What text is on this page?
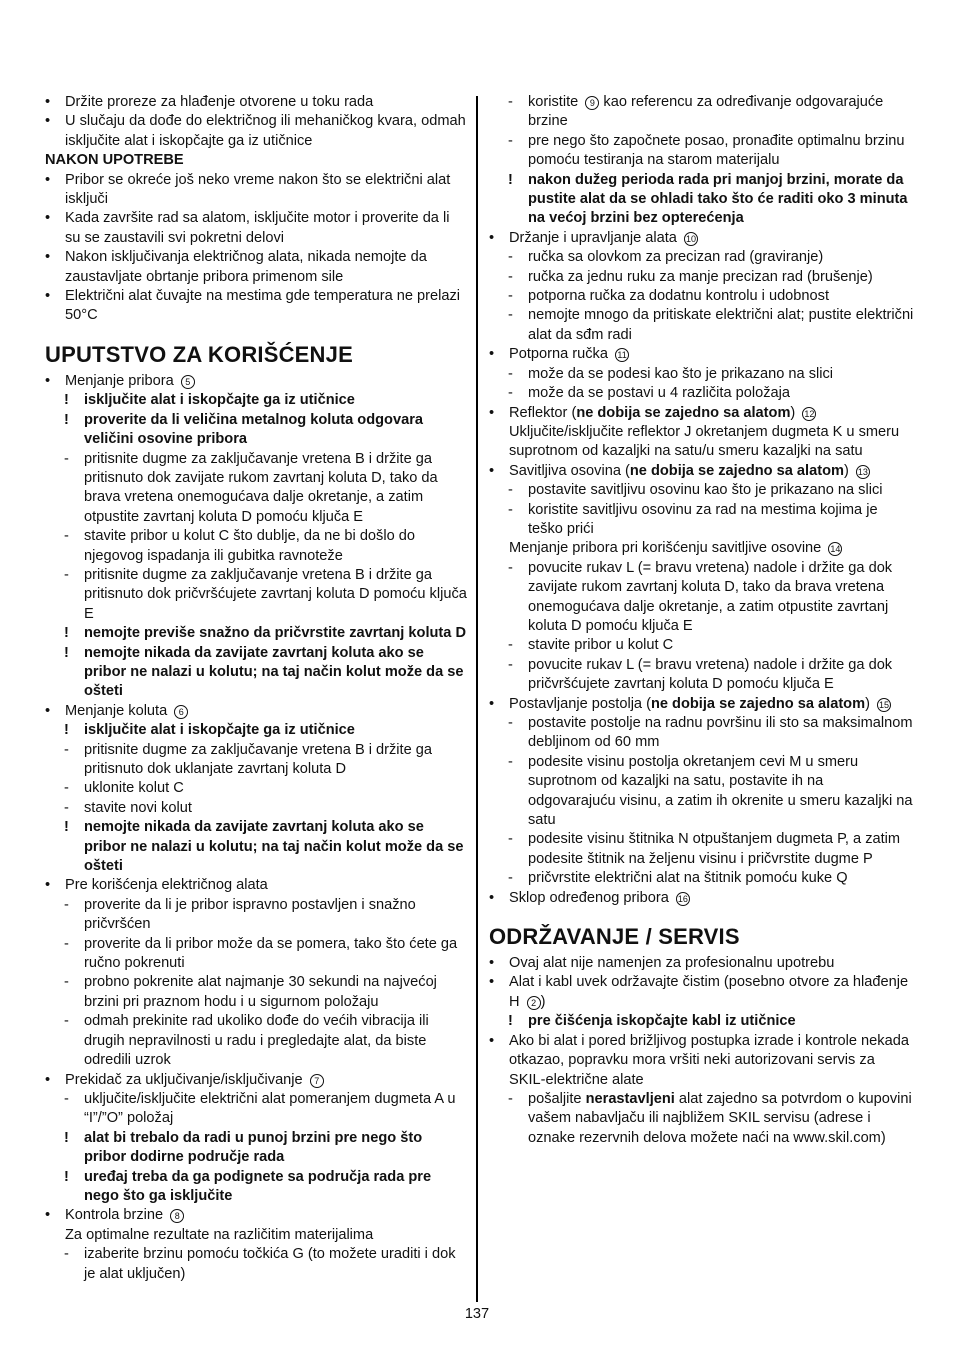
•	Držite proreze za hlađenje otvorene u toku rada
•	U slučaju da dođe do električnog ili mehaničkog kvara, odmah isključite alat i iskopčajte ga iz utičnice
NAKON UPOTREBE
•	Pribor se okreće još neko vreme nakon što se električni alat isključi
•	Kada završite rad sa alatom, isključite motor i proverite da li su se zaustavili svi pokretni delovi
•	Nakon isključivanja električnog alata, nikada nemojte da zaustavljate obrtanje pribora primenom sile
•	Električni alat čuvajte na mestima gde temperatura ne prelazi 50°C
UPUTSTVO ZA KORIŠĆENJE
•	Menjanje pribora 5
!	isključite alat i iskopčajte ga iz utičnice
!	proverite da li veličina metalnog koluta odgovara veličini osovine pribora
-	pritisnite dugme za zaključavanje vretena B i držite ga pritisnuto dok zavijate rukom zavrtanj koluta D, tako da brava vretena onemogućava dalje okretanje, a zatim otpustite zavrtanj koluta D pomoću ključa E
-	stavite pribor u kolut C što dublje, da ne bi došlo do njegovog ispadanja ili gubitka ravnoteže
-	pritisnite dugme za zaključavanje vretena B i držite ga pritisnuto dok pričvršćujete zavrtanj koluta D pomoću ključa E
!	nemojte previše snažno da pričvrstite zavrtanj koluta D
!	nemojte nikada da zavijate zavrtanj koluta ako se pribor ne nalazi u kolutu; na taj način kolut može da se ošteti
•	Menjanje koluta 6
!	isključite alat i iskopčajte ga iz utičnice
-	pritisnite dugme za zaključavanje vretena B i držite ga pritisnuto dok uklanjate zavrtanj koluta D
-	uklonite kolut C
-	stavite novi kolut
!	nemojte nikada da zavijate zavrtanj koluta ako se pribor ne nalazi u kolutu; na taj način kolut može da se ošteti
•	Pre korišćenja električnog alata
-	proverite da li je pribor ispravno postavljen i snažno pričvršćen
-	proverite da li pribor može da se pomera, tako što ćete ga ručno pokrenuti
-	probno pokrenite alat najmanje 30 sekundi na najvećoj brzini pri praznom hodu i u sigurnom položaju
-	odmah prekinite rad ukoliko dođe do većih vibracija ili drugih nepravilnosti u radu i pregledajte alat, da biste odredili uzrok
•	Prekidač za uključivanje/isključivanje 7
-	uključite/isključite električni alat pomeranjem dugmeta A u “I”/”O” položaj
!	alat bi trebalo da radi u punoj brzini pre nego što pribor dodirne područje rada
!	uređaj treba da ga podignete sa područja rada pre nego što ga isključite
•	Kontrola brzine 8
Za optimalne rezultate na različitim materijalima
-	izaberite brzinu pomoću točkića G (to možete uraditi i dok je alat uključen)
-	koristite 9 kao referencu za određivanje odgovarajuće brzine
-	pre nego što započnete posao, pronađite optimalnu brzinu pomoću testiranja na starom materijalu
!	nakon dužeg perioda rada pri manjoj brzini, morate da pustite alat da se ohladi tako što će raditi oko 3 minuta na većoj brzini bez opterećenja
•	Držanje i upravljanje alata 10
-	ručka sa olovkom za precizan rad (graviranje)
-	ručka za jednu ruku za manje precizan rad (brušenje)
-	potporna ručka za dodatnu kontrolu i udobnost
-	nemojte mnogo da pritiskate električni alat; pustite električni alat da sđm radi
•	Potporna ručka 11
-	može da se podesi kao što je prikazano na slici
-	može da se postavi u 4 različita položaja
•	Reflektor (ne dobija se zajedno sa alatom) 12
Uključite/isključite reflektor J okretanjem dugmeta K u smeru suprotnom od kazaljki na satu/u smeru kazaljki na satu
•	Savitljiva osovina (ne dobija se zajedno sa alatom) 13
-	postavite savitljivu osovinu kao što je prikazano na slici
-	koristite savitljivu osovinu za rad na mestima kojima je teško prići
Menjanje pribora pri korišćenju savitljive osovine 14
-	povucite rukav L (= bravu vretena) nadole i držite ga dok zavijate rukom zavrtanj koluta D, tako da brava vretena onemogućava dalje okretanje, a zatim otpustite zavrtanj koluta D pomoću ključa E
-	stavite pribor u kolut C
-	povucite rukav L (= bravu vretena) nadole i držite ga dok pričvršćujete zavrtanj koluta D pomoću ključa E
•	Postavljanje postolja (ne dobija se zajedno sa alatom) 15
-	postavite postolje na radnu površinu ili sto sa maksimalnom debljinom od 60 mm
-	podesite visinu postolja okretanjem cevi M u smeru suprotnom od kazaljki na satu, postavite ih na odgovarajuću visinu, a zatim ih okrenite u smeru kazaljki na satu
-	podesite visinu štitnika N otpuštanjem dugmeta P, a zatim podesite štitnik na željenu visinu i pričvrstite dugme P
-	pričvrstite električni alat na štitnik pomoću kuke Q
•	Sklop određenog pribora 16
ODRŽAVANJE / SERVIS
•	Ovaj alat nije namenjen za profesionalnu upotrebu
•	Alat i kabl uvek održavajte čistim (posebno otvore za hlađenje H 2 )
!	pre čišćenja iskopčajte kabl iz utičnice
•	Ako bi alat i pored brižljivog postupka izrade i kontrole nekada otkazao, popravku mora vršiti neki autorizovani servis za SKIL-električne alate
-	pošaljite nerastavljeni alat zajedno sa potvrdom o kupovini vašem nabavljaču ili najbližem SKIL servisu (adrese i oznake rezervnih delova možete naći na www.skil.com)
137
